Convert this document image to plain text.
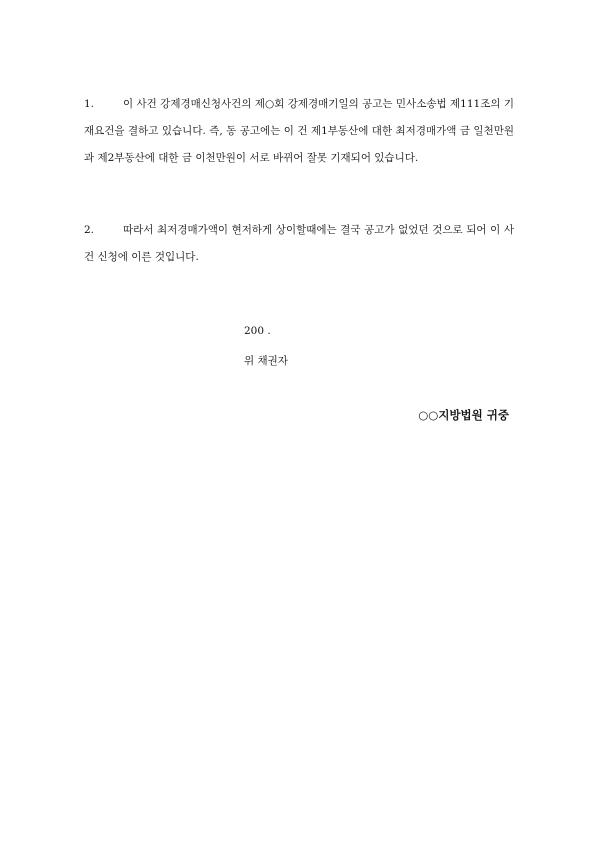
1.	이 사건 강제경매신청사건의 제○회 강제경매기일의 공고는 민사소송법 제111조의 기재요건을 결하고 있습니다. 즉, 동 공고에는 이 건 제1부동산에 대한 최저경매가액 금 일천만원과 제2부동산에 대한 금 이천만원이 서로 바뀌어 잘못 기재되어 있습니다.
2.	따라서 최저경매가액이 현저하게 상이할때에는 결국 공고가 없었던 것으로 되어 이 사건 신청에 이른 것입니다.
200 .
위 채권자
○○지방법원 귀중
